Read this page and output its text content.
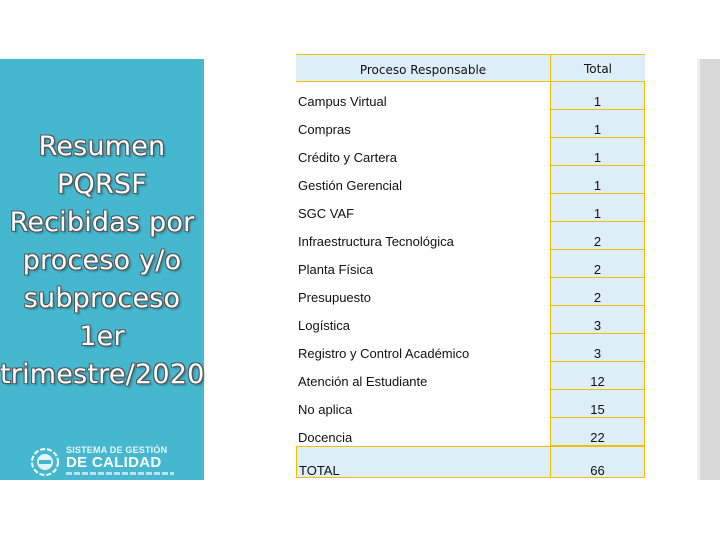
Resumen
PQRSF
Recibidas por
proceso y/o
subproceso
1er
trimestre/2020
SISTEMA DE GESTIÓN
DE CALIDAD
Proceso Responsable	Total
Campus Virtual	1
Compras	1
Crédito y Cartera	1
Gestión Gerencial	1
SGC VAF	1
Infraestructura Tecnológica	2
Planta Física	2
Presupuesto	2
Logística	3
Registro y Control Académico	3
Atención al Estudiante	12
No aplica	15
Docencia	22
TOTAL	66
